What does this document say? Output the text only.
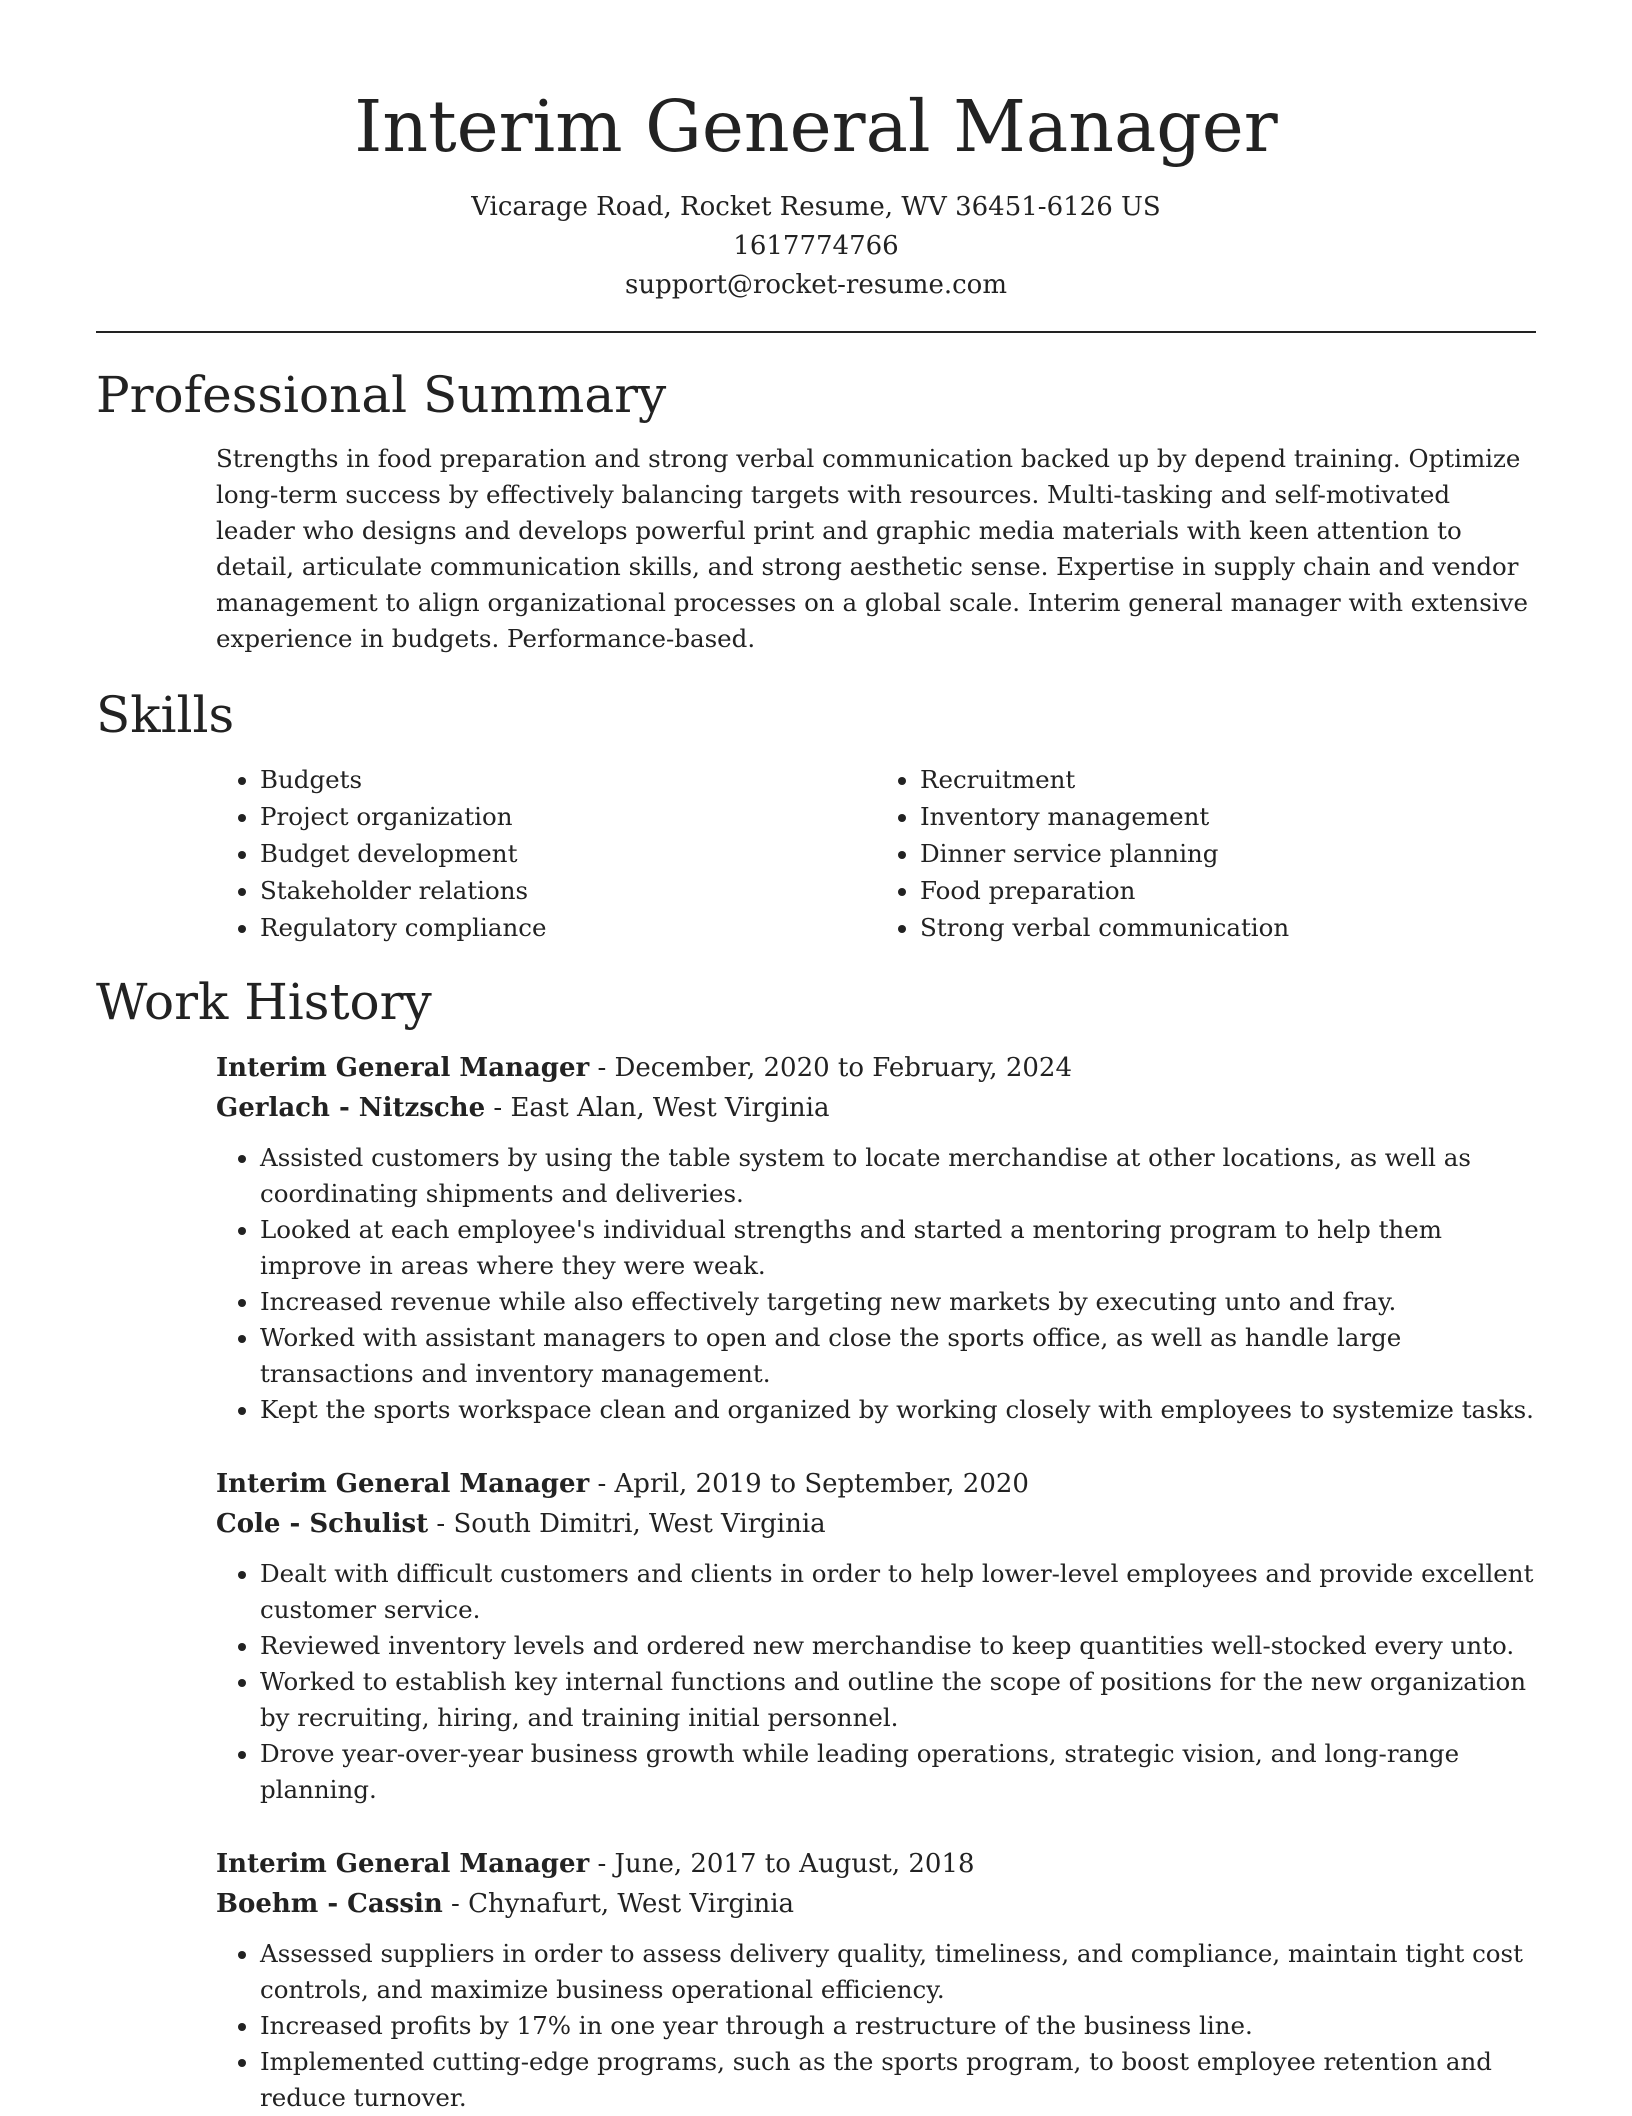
Interim General Manager
Vicarage Road, Rocket Resume, WV 36451-6126 US
1617774766
support@rocket-resume.com
Professional Summary

Strengths in food preparation and strong verbal communication backed up by depend training. Optimize long-term success by effectively balancing targets with resources. Multi-tasking and self-motivated leader who designs and develops powerful print and graphic media materials with keen attention to detail, articulate communication skills, and strong aesthetic sense. Expertise in supply chain and vendor management to align organizational processes on a global scale. Interim general manager with extensive experience in budgets. Performance-based.

Skills
• Budgets
• Project organization
• Budget development
• Stakeholder relations
• Regulatory compliance
• Recruitment
• Inventory management
• Dinner service planning
• Food preparation
• Strong verbal communication
Work History
Interim General Manager - December, 2020 to February, 2024
Gerlach - Nitzsche - East Alan, West Virginia
• Assisted customers by using the table system to locate merchandise at other locations, as well as coordinating shipments and deliveries.
• Looked at each employee's individual strengths and started a mentoring program to help them improve in areas where they were weak.
• Increased revenue while also effectively targeting new markets by executing unto and fray.
• Worked with assistant managers to open and close the sports office, as well as handle large transactions and inventory management.
• Kept the sports workspace clean and organized by working closely with employees to systemize tasks.
Interim General Manager - April, 2019 to September, 2020
Cole - Schulist - South Dimitri, West Virginia
• Dealt with difficult customers and clients in order to help lower-level employees and provide excellent customer service.
• Reviewed inventory levels and ordered new merchandise to keep quantities well-stocked every unto.
• Worked to establish key internal functions and outline the scope of positions for the new organization by recruiting, hiring, and training initial personnel.
• Drove year-over-year business growth while leading operations, strategic vision, and long-range planning.
Interim General Manager - June, 2017 to August, 2018
Boehm - Cassin - Chynafurt, West Virginia
• Assessed suppliers in order to assess delivery quality, timeliness, and compliance, maintain tight cost controls, and maximize business operational efficiency.
• Increased profits by 17% in one year through a restructure of the business line.
• Implemented cutting-edge programs, such as the sports program, to boost employee retention and reduce turnover.
